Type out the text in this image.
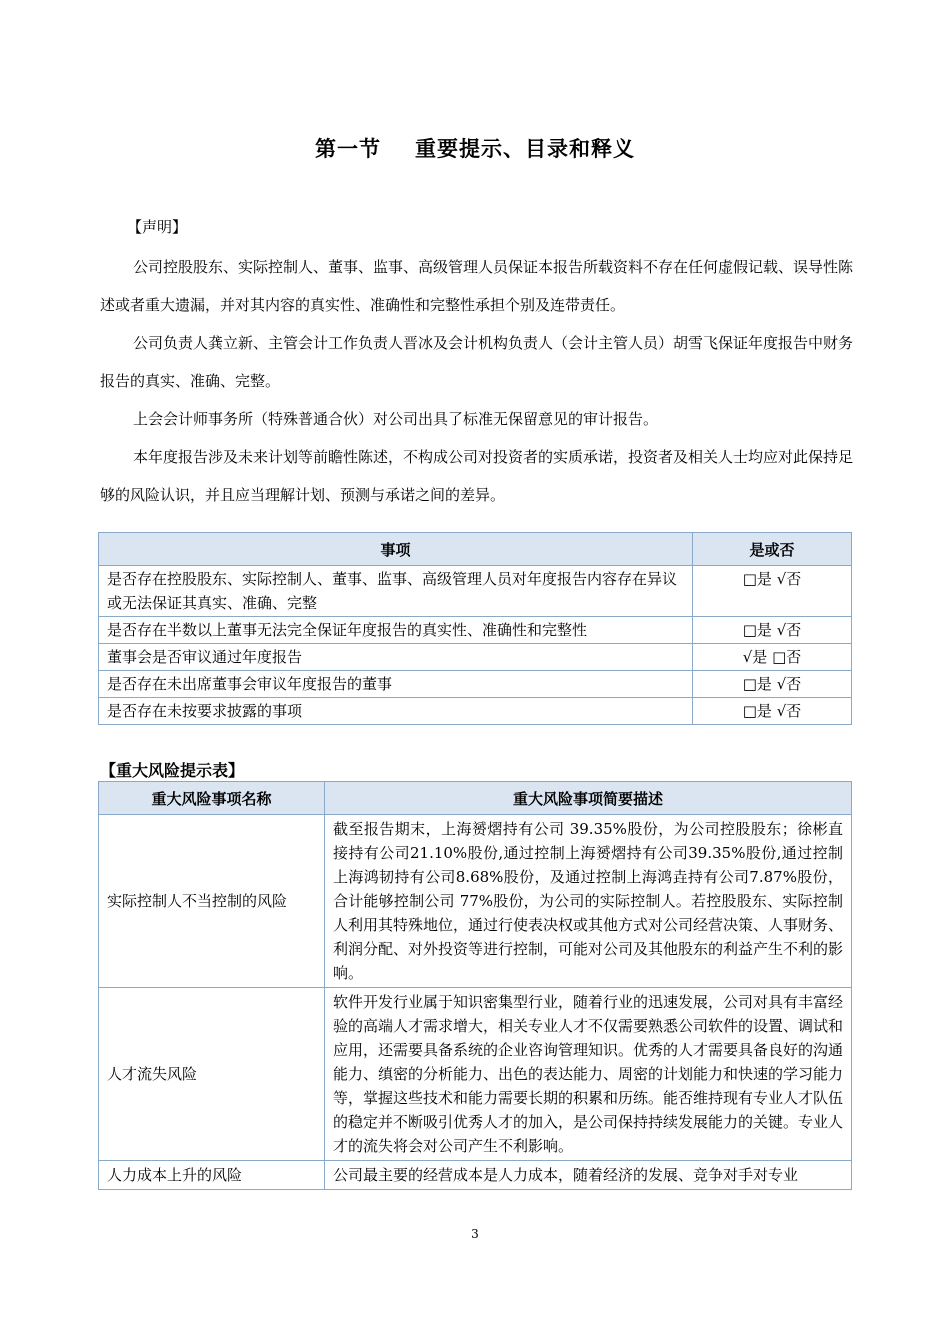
第一节 重要提示、目录和释义
【声明】

公司控股股东、实际控制人、董事、监事、高级管理人员保证本报告所载资料不存在任何虚假记载、误导性陈述或者重大遗漏，并对其内容的真实性、准确性和完整性承担个别及连带责任。

公司负责人龚立新、主管会计工作负责人晋冰及会计机构负责人（会计主管人员）胡雪飞保证年度报告中财务报告的真实、准确、完整。

上会会计师事务所（特殊普通合伙）对公司出具了标准无保留意见的审计报告。

本年度报告涉及未来计划等前瞻性陈述，不构成公司对投资者的实质承诺，投资者及相关人士均应对此保持足够的风险认识，并且应当理解计划、预测与承诺之间的差异。

事项	是或否
是否存在控股股东、实际控制人、董事、监事、高级管理人员对年度报告内容存在异议或无法保证其真实、准确、完整	□是 √否
是否存在半数以上董事无法完全保证年度报告的真实性、准确性和完整性	□是 √否
董事会是否审议通过年度报告	√是 □否
是否存在未出席董事会审议年度报告的董事	□是 √否
是否存在未按要求披露的事项	□是 √否
【重大风险提示表】
重大风险事项名称	重大风险事项简要描述
实际控制人不当控制的风险	截至报告期末，上海赟熠持有公司 39.35%股份，为公司控股股东；徐彬直接持有公司21.10%股份,通过控制上海赟熠持有公司39.35%股份,通过控制上海鸿韧持有公司8.68%股份，及通过控制上海鸿垚持有公司7.87%股份，合计能够控制公司 77%股份，为公司的实际控制人。若控股股东、实际控制人利用其特殊地位，通过行使表决权或其他方式对公司经营决策、人事财务、利润分配、对外投资等进行控制，可能对公司及其他股东的利益产生不利的影响。
人才流失风险	软件开发行业属于知识密集型行业，随着行业的迅速发展，公司对具有丰富经验的高端人才需求增大，相关专业人才不仅需要熟悉公司软件的设置、调试和应用，还需要具备系统的企业咨询管理知识。优秀的人才需要具备良好的沟通能力、缜密的分析能力、出色的表达能力、周密的计划能力和快速的学习能力等，掌握这些技术和能力需要长期的积累和历练。能否维持现有专业人才队伍的稳定并不断吸引优秀人才的加入，是公司保持持续发展能力的关键。专业人才的流失将会对公司产生不利影响。
人力成本上升的风险	公司最主要的经营成本是人力成本，随着经济的发展、竞争对手对专业
3
